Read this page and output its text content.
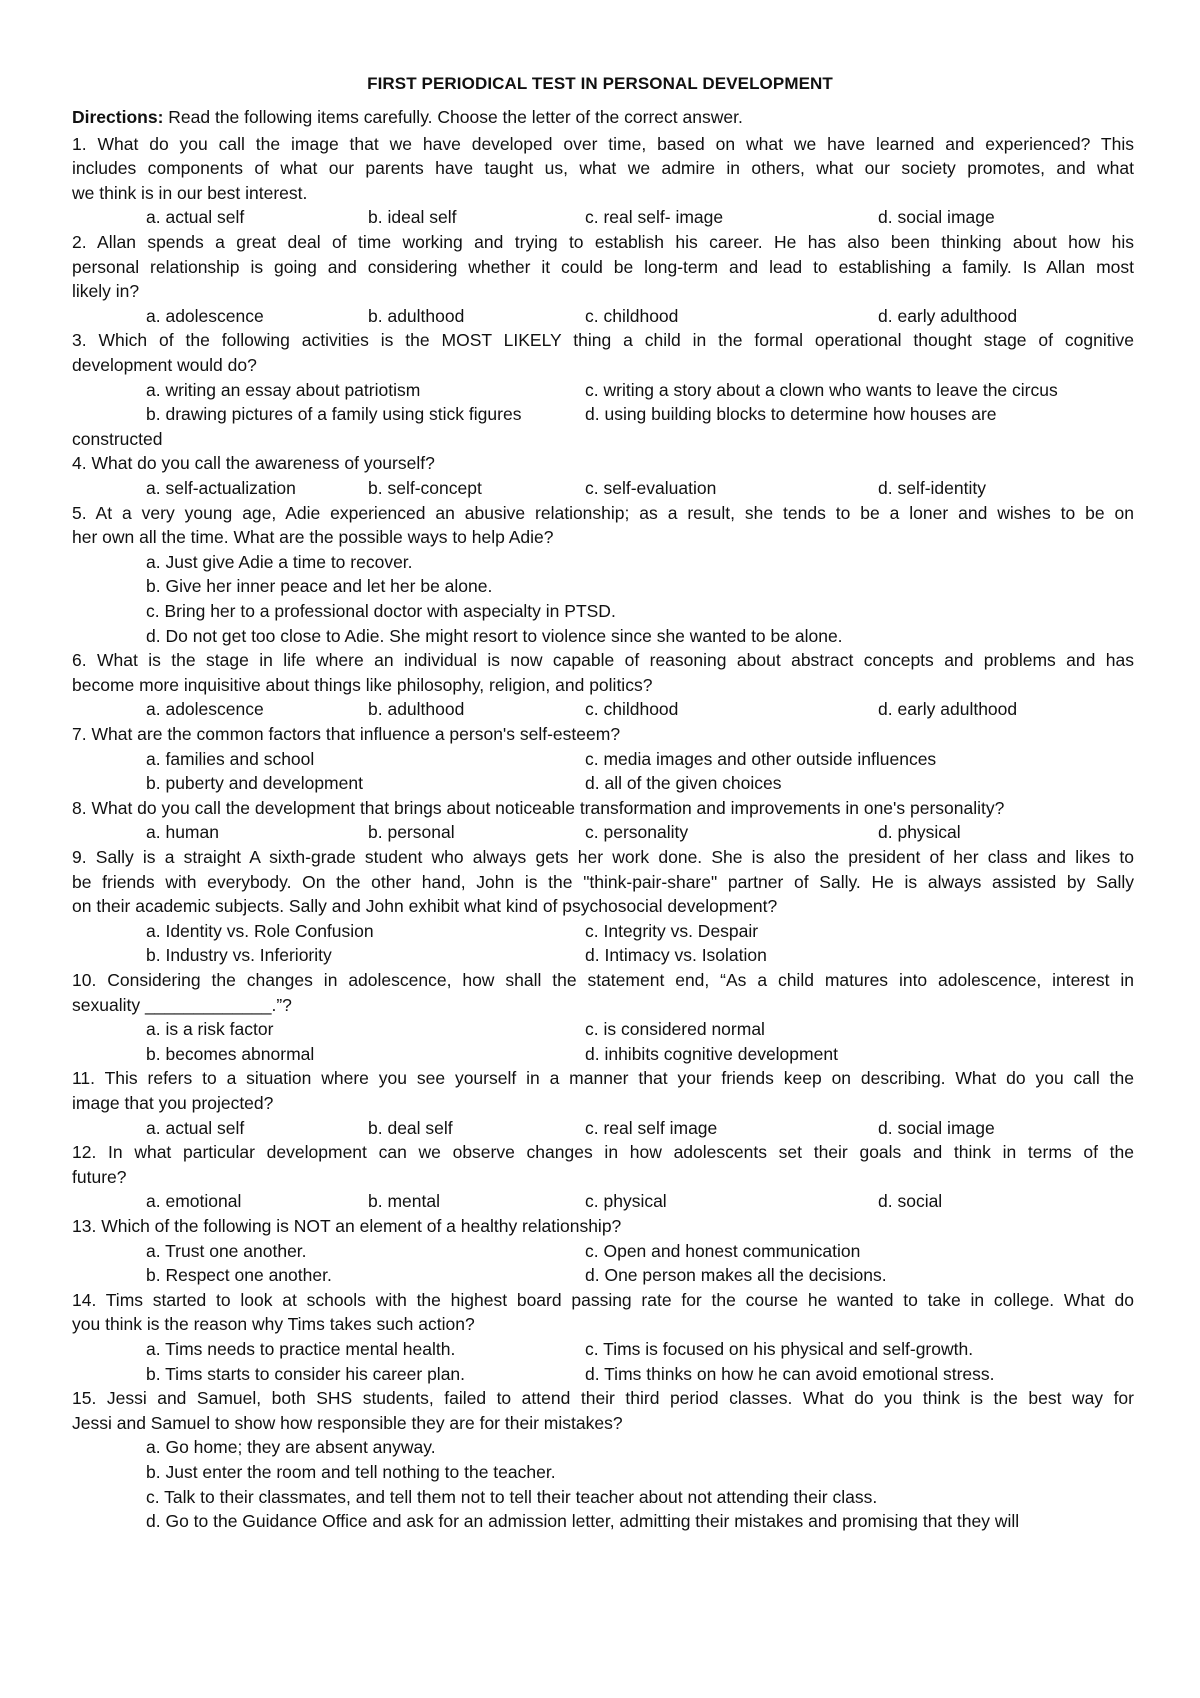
FIRST PERIODICAL TEST IN PERSONAL DEVELOPMENT
Directions: Read the following items carefully. Choose the letter of the correct answer.
1. What do you call the image that we have developed over time, based on what we have learned and experienced? This
includes components of what our parents have taught us, what we admire in others, what our society promotes, and what
we think is in our best interest.
a. actual self	b. ideal self	c. real self- image	d. social image
2. Allan spends a great deal of time working and trying to establish his career. He has also been thinking about how his
personal relationship is going and considering whether it could be long-term and lead to establishing a family. Is Allan most
likely in?
a. adolescence	b. adulthood	c. childhood	d. early adulthood
3. Which of the following activities is the MOST LIKELY thing a child in the formal operational thought stage of cognitive
development would do?
a. writing an essay about patriotism	c. writing a story about a clown who wants to leave the circus
b. drawing pictures of a family using stick figures	d. using building blocks to determine how houses are
constructed
4. What do you call the awareness of yourself?
a. self-actualization	b. self-concept	c. self-evaluation	d. self-identity
5. At a very young age, Adie experienced an abusive relationship; as a result, she tends to be a loner and wishes to be on
her own all the time. What are the possible ways to help Adie?
a. Just give Adie a time to recover.
b. Give her inner peace and let her be alone.
c. Bring her to a professional doctor with aspecialty in PTSD.
d. Do not get too close to Adie. She might resort to violence since she wanted to be alone.
6. What is the stage in life where an individual is now capable of reasoning about abstract concepts and problems and has
become more inquisitive about things like philosophy, religion, and politics?
a. adolescence	b. adulthood	c. childhood	d. early adulthood
7. What are the common factors that influence a person's self-esteem?
a. families and school	c. media images and other outside influences
b. puberty and development	d. all of the given choices
8. What do you call the development that brings about noticeable transformation and improvements in one's personality?
a. human	b. personal	c. personality	d. physical
9. Sally is a straight A sixth-grade student who always gets her work done. She is also the president of her class and likes to
be friends with everybody. On the other hand, John is the "think-pair-share" partner of Sally. He is always assisted by Sally
on their academic subjects. Sally and John exhibit what kind of psychosocial development?
a. Identity vs. Role Confusion	c. Integrity vs. Despair
b. Industry vs. Inferiority	d. Intimacy vs. Isolation
10. Considering the changes in adolescence, how shall the statement end, “As a child matures into adolescence, interest in
sexuality _____________.”?
a. is a risk factor	c. is considered normal
b. becomes abnormal	d. inhibits cognitive development
11. This refers to a situation where you see yourself in a manner that your friends keep on describing. What do you call the
image that you projected?
a. actual self	b. deal self	c. real self image	d. social image
12. In what particular development can we observe changes in how adolescents set their goals and think in terms of the
future?
a. emotional	b. mental	c. physical	d. social
13. Which of the following is NOT an element of a healthy relationship?
a. Trust one another.	c. Open and honest communication
b. Respect one another.	d. One person makes all the decisions.
14. Tims started to look at schools with the highest board passing rate for the course he wanted to take in college. What do
you think is the reason why Tims takes such action?
a. Tims needs to practice mental health.	c. Tims is focused on his physical and self-growth.
b. Tims starts to consider his career plan.	d. Tims thinks on how he can avoid emotional stress.
15. Jessi and Samuel, both SHS students, failed to attend their third period classes. What do you think is the best way for
Jessi and Samuel to show how responsible they are for their mistakes?
a. Go home; they are absent anyway.
b. Just enter the room and tell nothing to the teacher.
c. Talk to their classmates, and tell them not to tell their teacher about not attending their class.
d. Go to the Guidance Office and ask for an admission letter, admitting their mistakes and promising that they will
